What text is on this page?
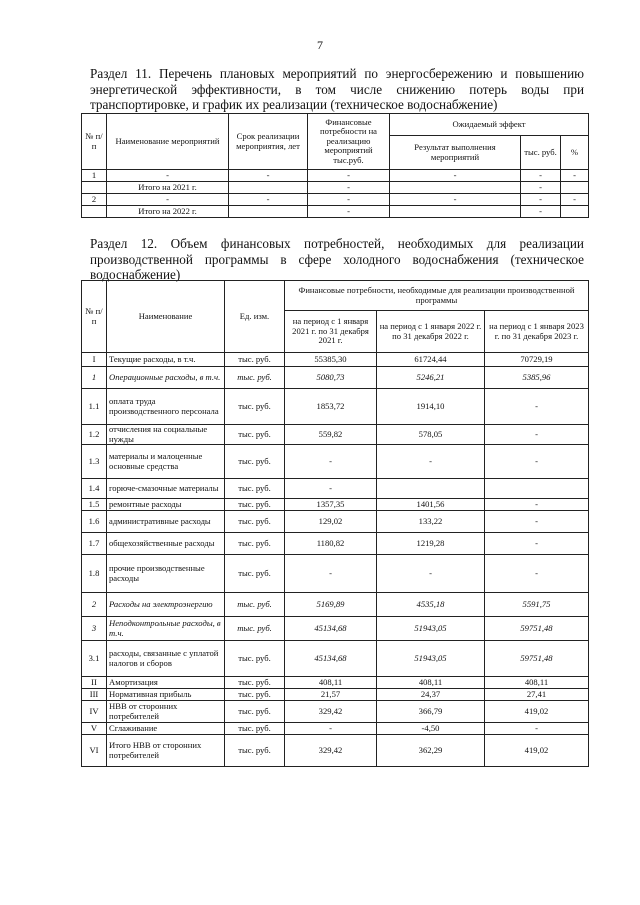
7

Раздел 11. Перечень плановых мероприятий по энергосбережению и повышению энергетической эффективности, в том числе снижению потерь воды при транспортировке, и график их реализации (техническое водоснабжение)

№ п/п	Наименование мероприятий	Срок реализации мероприятия, лет	Финансовые потребности на реализацию мероприятий тыс.руб.	Ожидаемый эффект		
				Результат выполнения мероприятий	тыс. руб.	%
1	-	-	-	-	-	-
	Итого на 2021 г.		-		-	
2	-	-	-	-	-	-
	Итого на 2022 г.		-		-	

Раздел 12. Объем финансовых потребностей, необходимых для реализации производственной программы в сфере холодного водоснабжения (техническое водоснабжение)

№ п/п	Наименование	Ед. изм.	Финансовые потребности, необходимые для реализации производственной программы		
			на период с 1 января 2021 г. по 31 декабря 2021 г.	на период с 1 января 2022 г. по 31 декабря 2022 г.	на период с 1 января 2023 г. по 31 декабря 2023 г.
I	Текущие расходы, в т.ч.	тыс. руб.	55385,30	61724,44	70729,19
1	Операционные расходы, в т.ч.	тыс. руб.	5080,73	5246,21	5385,96
1.1	оплата труда производственного персонала	тыс. руб.	1853,72	1914,10	-
1.2	отчисления на социальные нужды	тыс. руб.	559,82	578,05	-
1.3	материалы и малоценные основные средства	тыс. руб.	-	-	-
1.4	горюче-смазочные материалы	тыс. руб.	-		
1.5	ремонтные расходы	тыс. руб.	1357,35	1401,56	-
1.6	административные расходы	тыс. руб.	129,02	133,22	-
1.7	общехозяйственные расходы	тыс. руб.	1180,82	1219,28	-
1.8	прочие производственные расходы	тыс. руб.	-	-	-
2	Расходы на электроэнергию	тыс. руб.	5169,89	4535,18	5591,75
3	Неподконтрольные расходы, в т.ч.	тыс. руб.	45134,68	51943,05	59751,48
3.1	расходы, связанные с уплатой налогов и сборов	тыс. руб.	45134,68	51943,05	59751,48
II	Амортизация	тыс. руб.	408,11	408,11	408,11
III	Нормативная прибыль	тыс. руб.	21,57	24,37	27,41
IV	НВВ от сторонних потребителей	тыс. руб.	329,42	366,79	419,02
V	Сглаживание	тыс. руб.	-	-4,50	-
VI	Итого НВВ от сторонних потребителей	тыс. руб.	329,42	362,29	419,02
